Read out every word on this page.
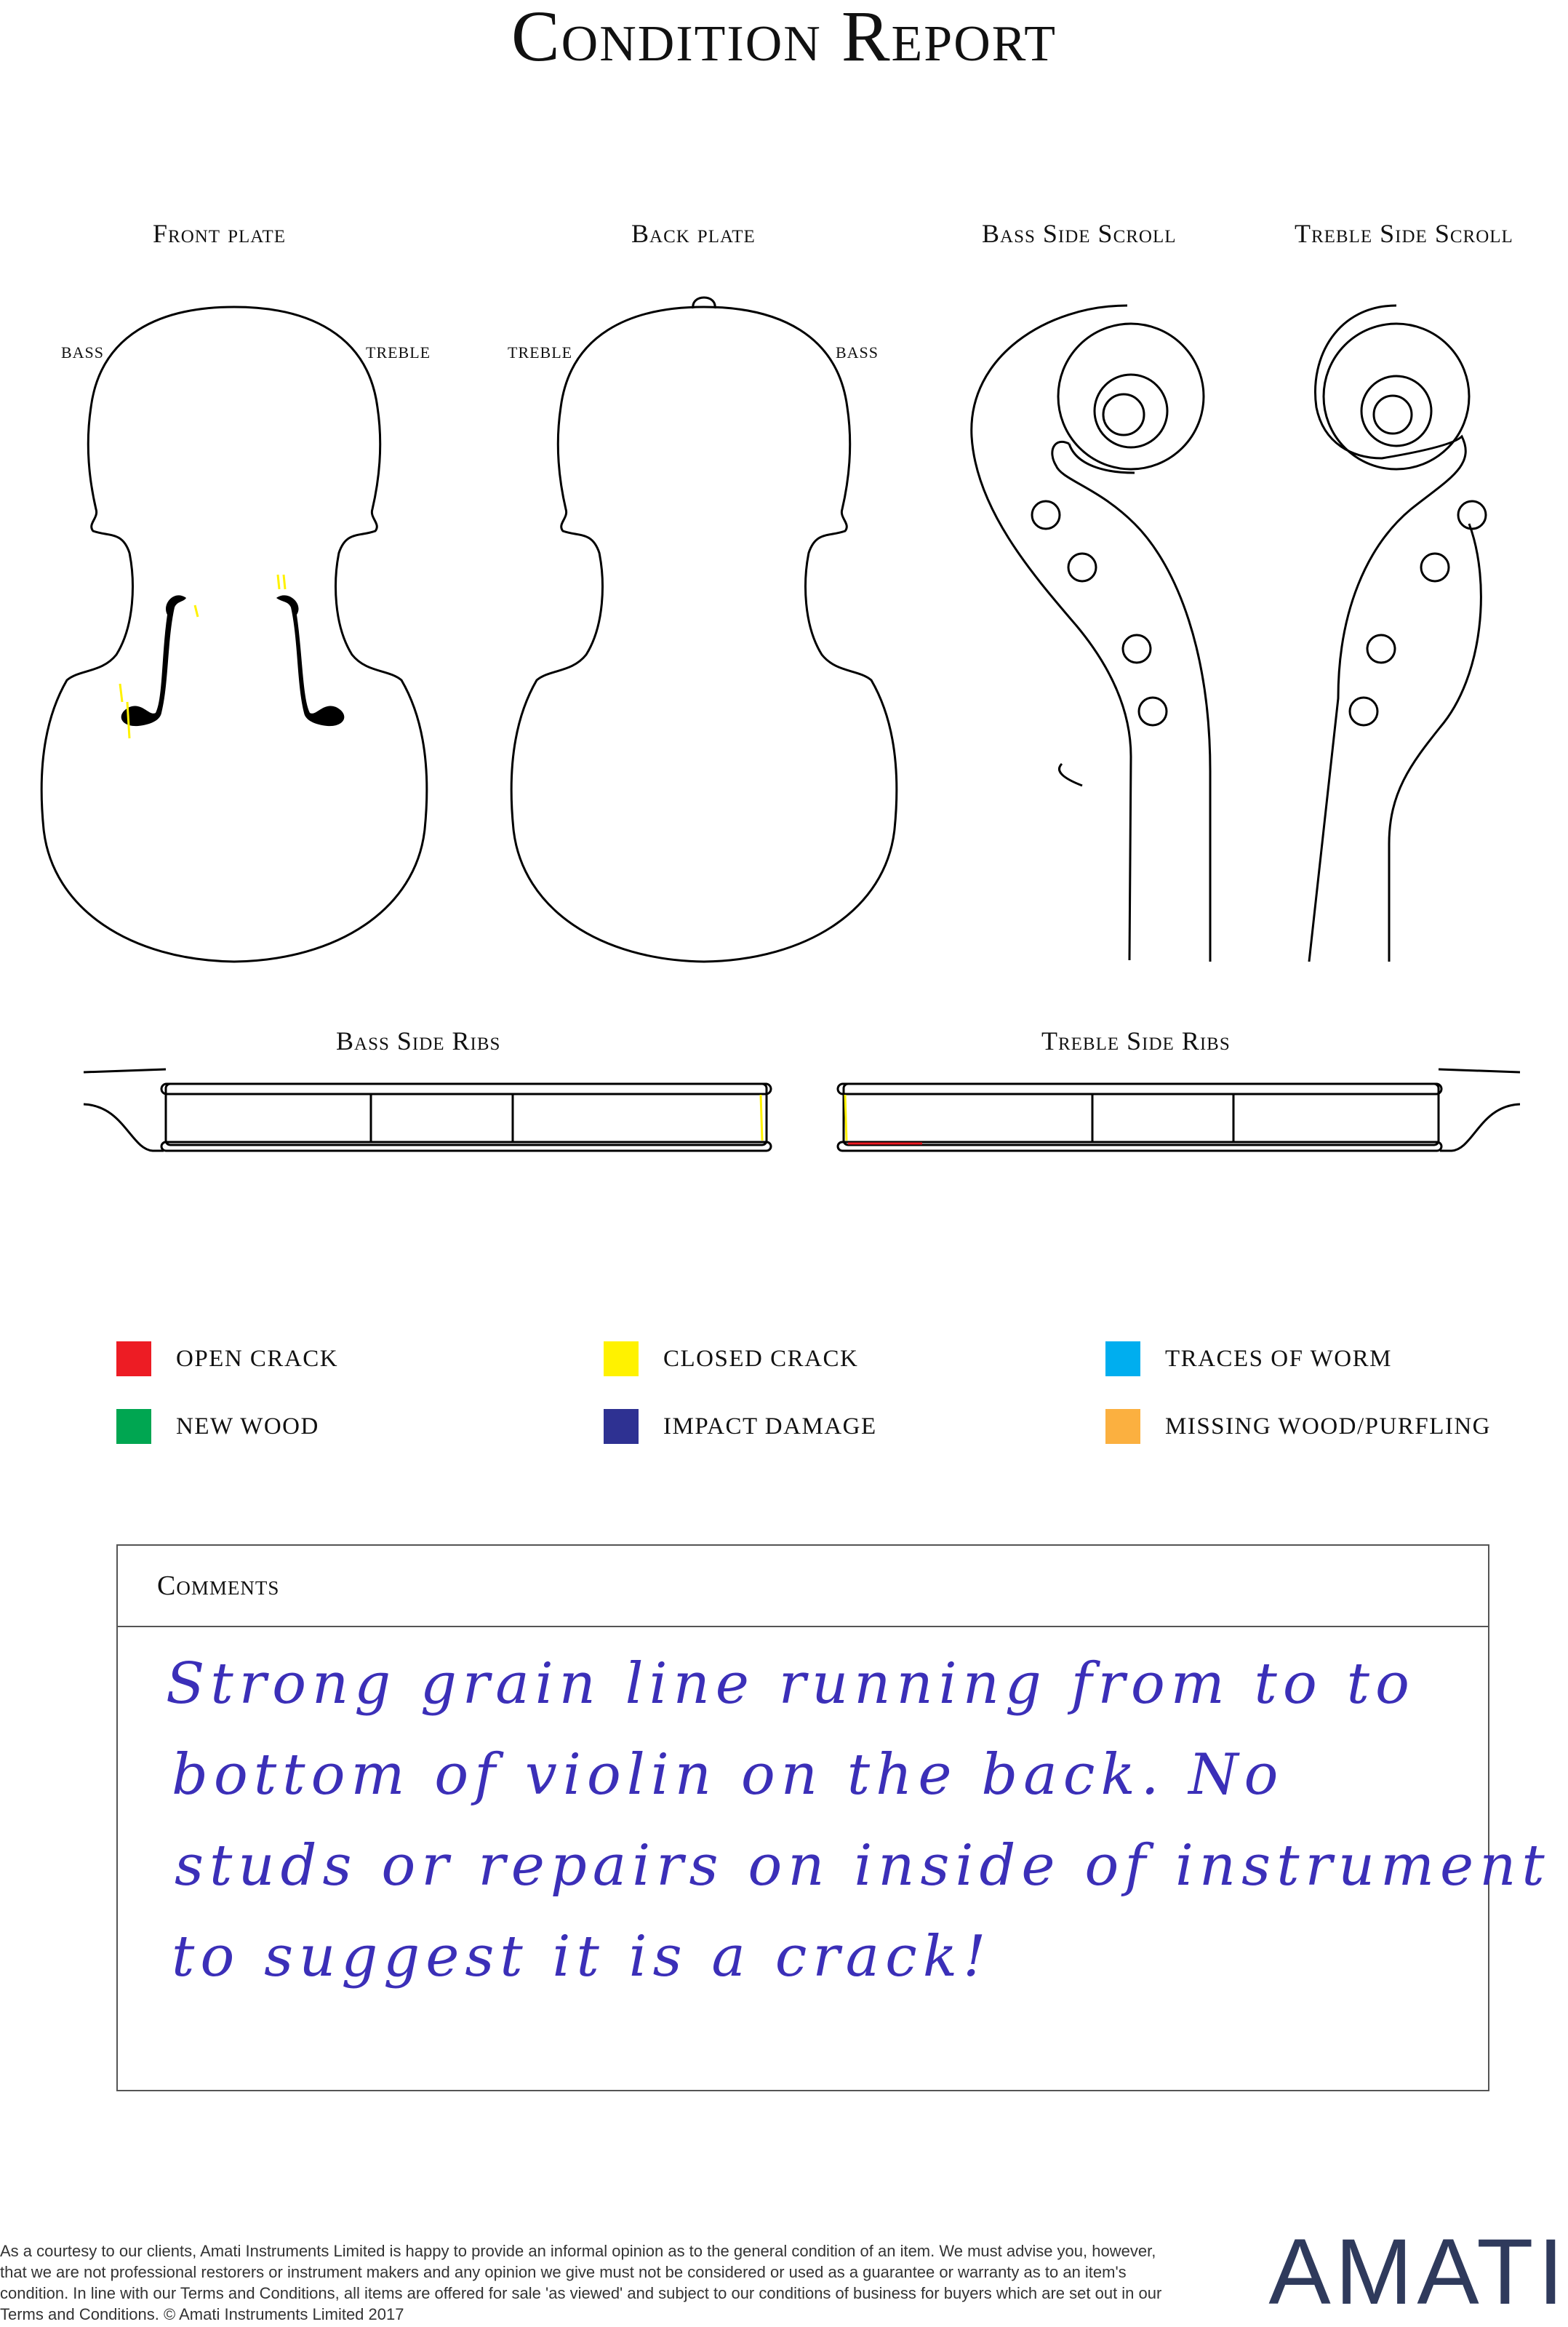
Condition Report
Front plate	Back plate	Bass Side Scroll	Treble Side Scroll
Bass Side Ribs	Treble Side Ribs
BASS	TREBLE	TREBLE	BASS
OPEN CRACK	CLOSED CRACK	TRACES OF WORM
NEW WOOD	IMPACT DAMAGE	MISSING WOOD/PURFLING
Comments
Strong grain line running from to to
bottom of violin on the back. No
studs or repairs on inside of instrument
to suggest it is a crack!
As a courtesy to our clients, Amati Instruments Limited is happy to provide an informal opinion as to the general condition of an item. We must advise you, however, that we are not professional restorers or instrument makers and any opinion we give must not be considered or used as a guarantee or warranty as to an item's condition. In line with our Terms and Conditions, all items are offered for sale 'as viewed' and subject to our conditions of business for buyers which are set out in our Terms and Conditions. © Amati Instruments Limited 2017	AMATI
